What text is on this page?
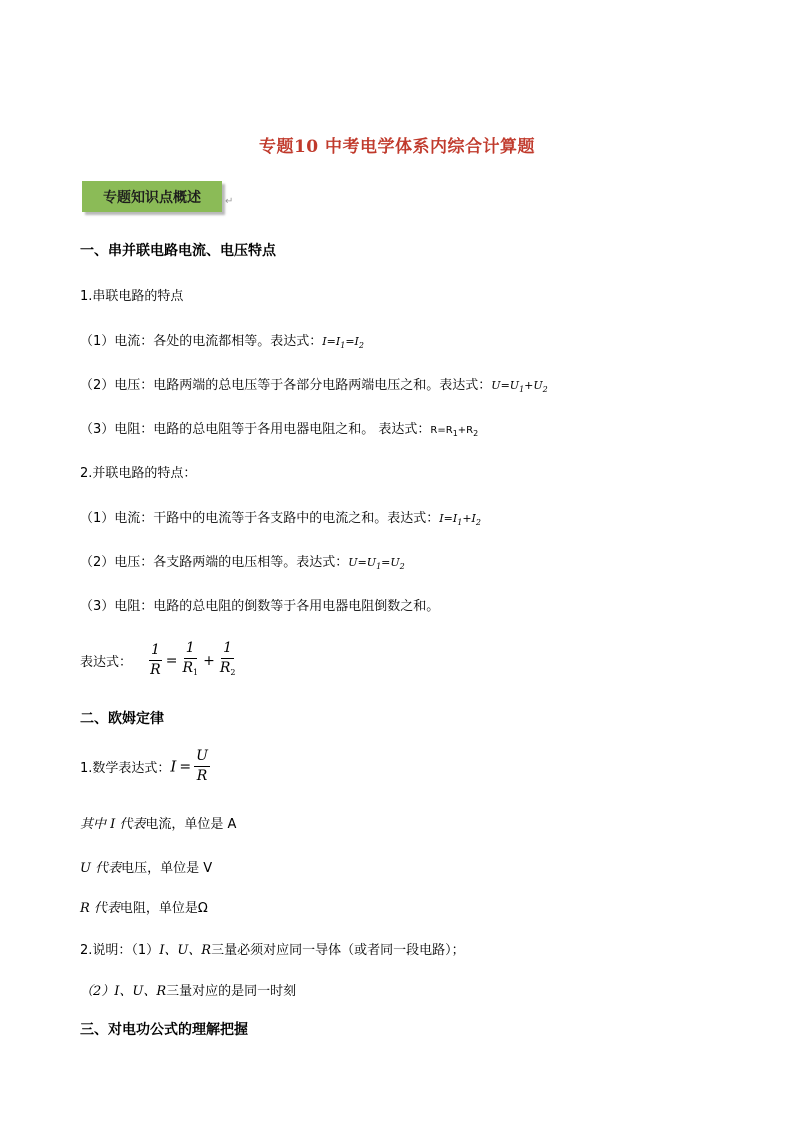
专题10 中考电学体系内综合计算题
专题知识点概述 ↵
一、串并联电路电流、电压特点
1.串联电路的特点
（1）电流：各处的电流都相等。表达式：$I=I_1=I_2$
（2）电压：电路两端的总电压等于各部分电路两端电压之和。表达式：$U=U_1+U_2$
（3）电阻：电路的总电阻等于各用电器电阻之和。 表达式：$R=R_1+R_2$
2.并联电路的特点：
（1）电流：干路中的电流等于各支路中的电流之和。表达式：$I=I_1+I_2$
（2）电压：各支路两端的电压相等。表达式：$U=U_1=U_2$
（3）电阻：电路的总电阻的倒数等于各用电器电阻倒数之和。
表达式： $\frac{1}{R} = \frac{1}{R_1} + \frac{1}{R_2}$
二、欧姆定律
1.数学表达式：$I = \frac{U}{R}$
其中 I 代表电流，单位是 A
U 代表电压，单位是 V
R 代表电阻，单位是Ω
2.说明：（1）I、U、R三量必须对应同一导体（或者同一段电路）；
（2）I、U、R三量对应的是同一时刻
三、对电功公式的理解把握
